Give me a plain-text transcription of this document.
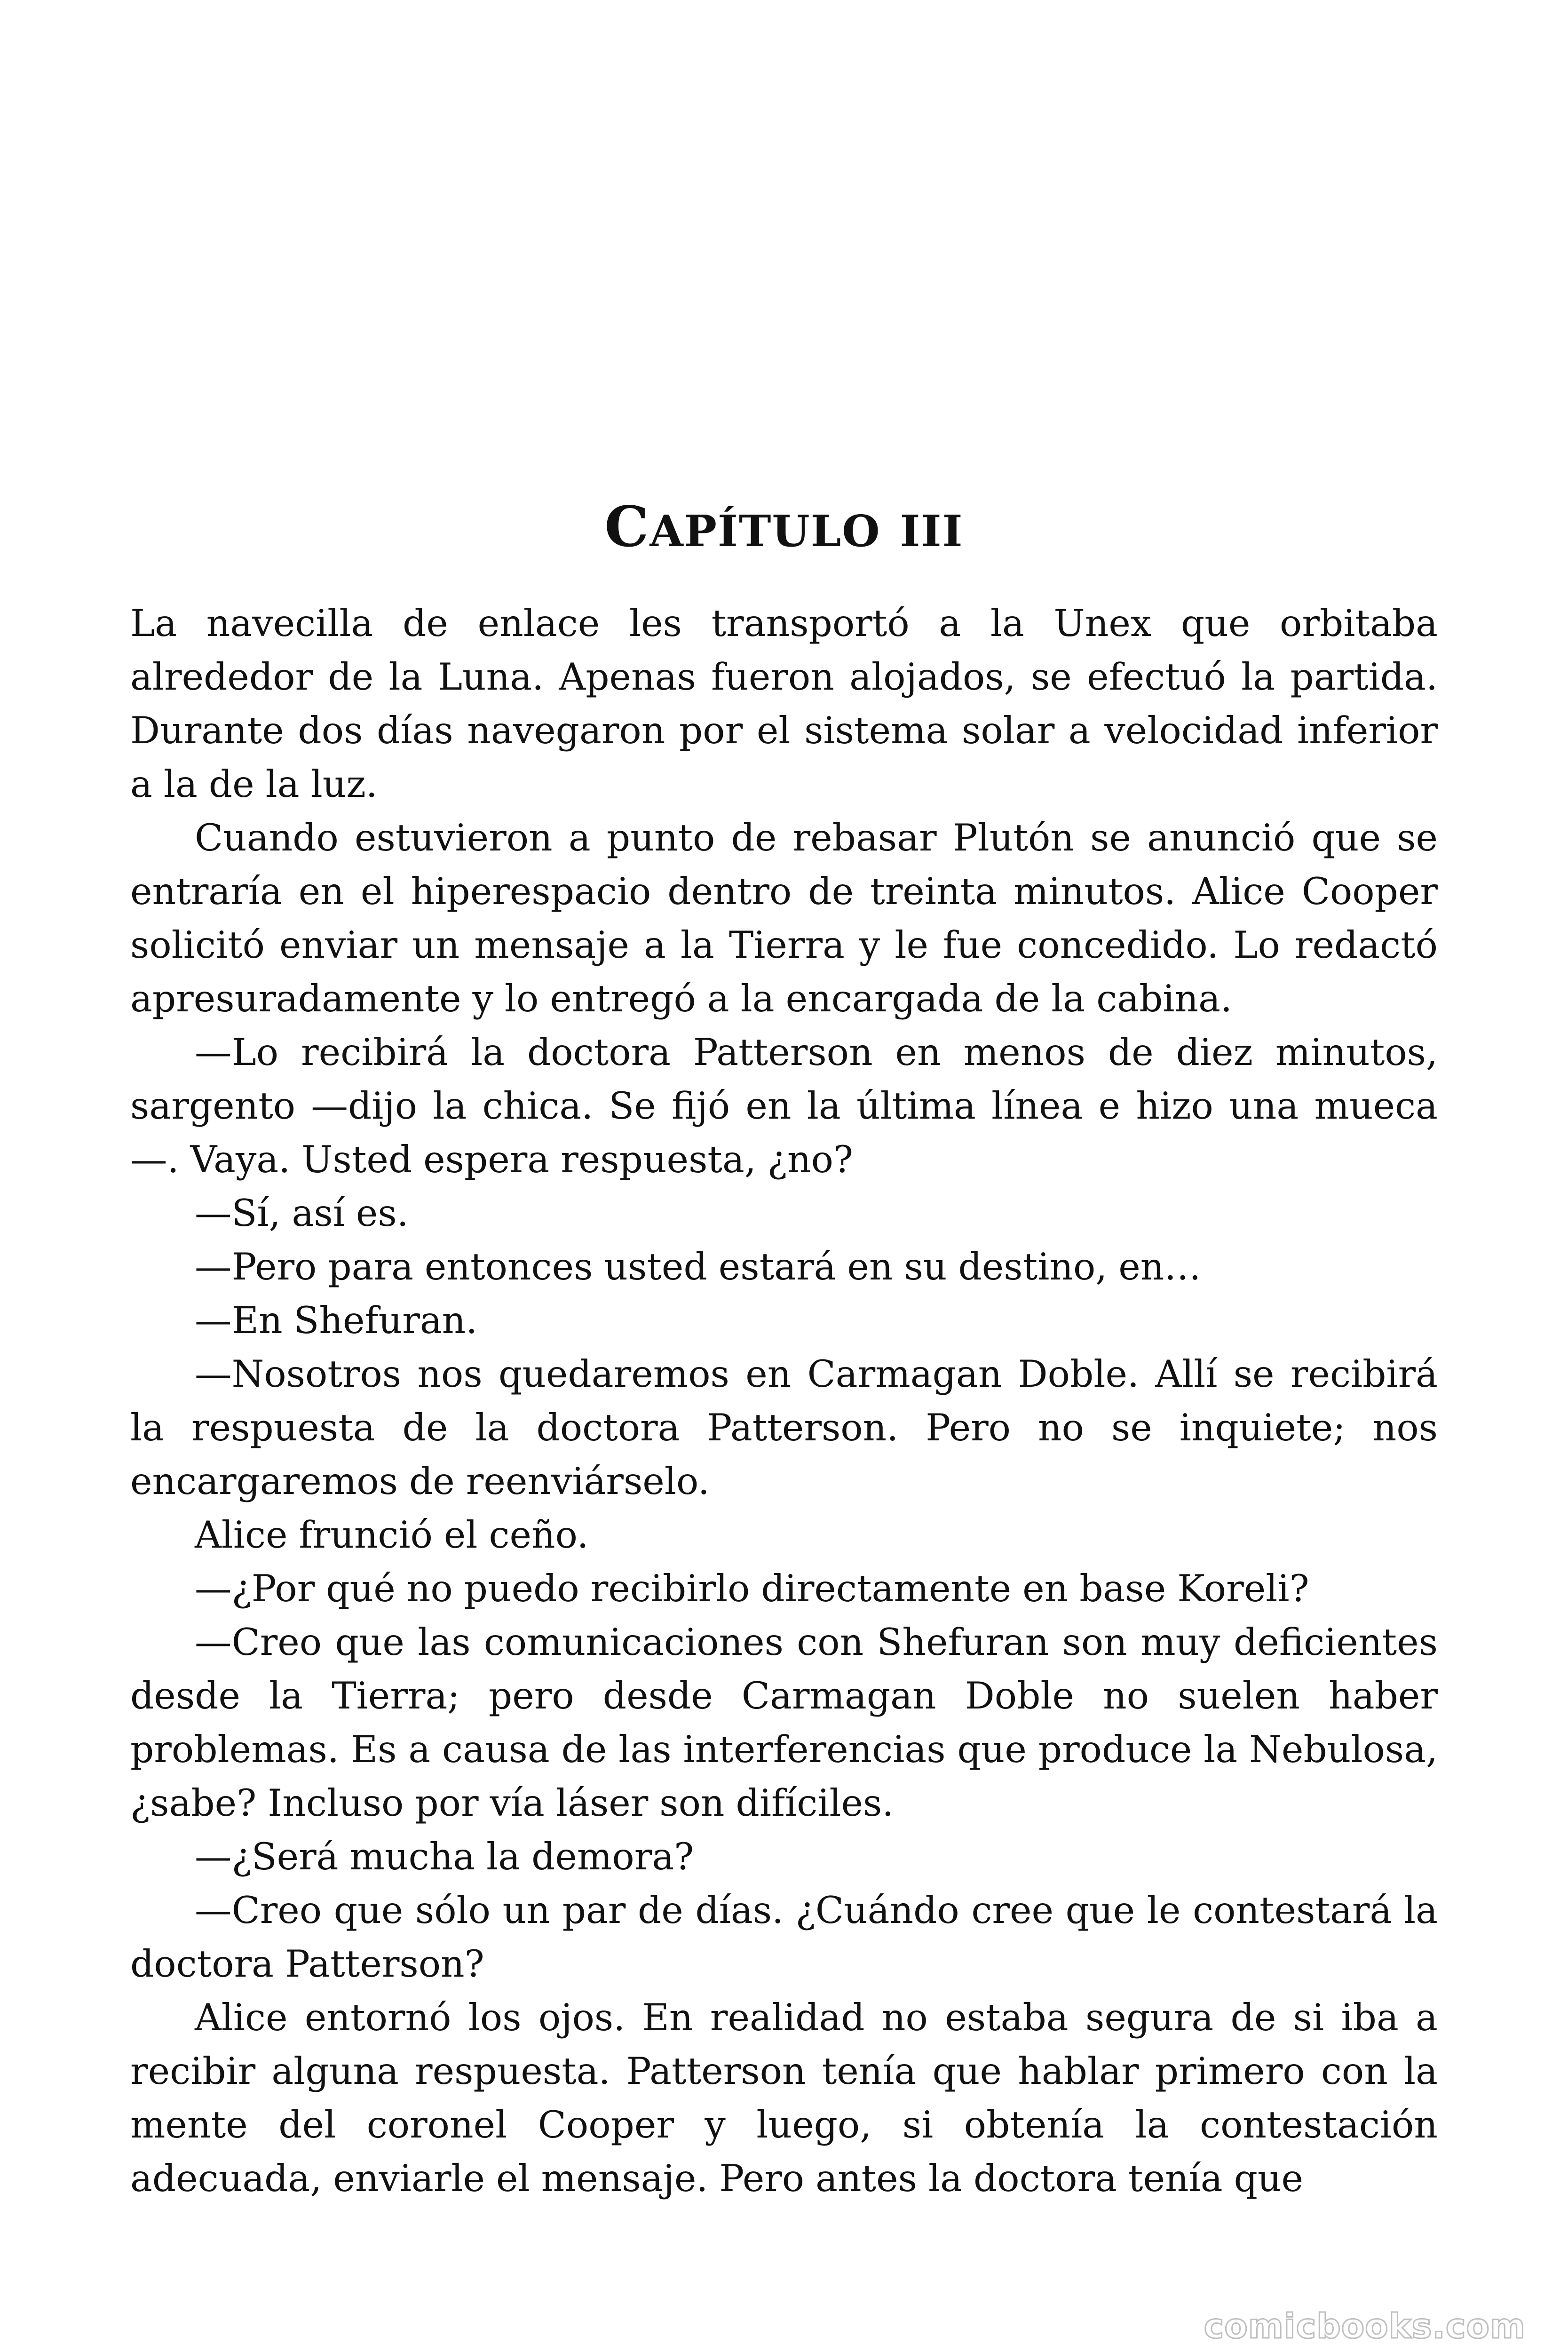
CAPÍTULO III

La navecilla de enlace les transportó a la Unex que orbitaba alrededor de la Luna. Apenas fueron alojados, se efectuó la partida. Durante dos días navegaron por el sistema solar a velocidad inferior a la de la luz.

Cuando estuvieron a punto de rebasar Plutón se anunció que se entraría en el hiperespacio dentro de treinta minutos. Alice Cooper solicitó enviar un mensaje a la Tierra y le fue concedido. Lo redactó apresuradamente y lo entregó a la encargada de la cabina.

—Lo recibirá la doctora Patterson en menos de diez minutos, sargento —dijo la chica. Se fijó en la última línea e hizo una mueca —. Vaya. Usted espera respuesta, ¿no?

—Sí, así es.

—Pero para entonces usted estará en su destino, en…

—En Shefuran.

—Nosotros nos quedaremos en Carmagan Doble. Allí se recibirá la respuesta de la doctora Patterson. Pero no se inquiete; nos encargaremos de reenviárselo.

Alice frunció el ceño.

—¿Por qué no puedo recibirlo directamente en base Koreli?

—Creo que las comunicaciones con Shefuran son muy deficientes desde la Tierra; pero desde Carmagan Doble no suelen haber problemas. Es a causa de las interferencias que produce la Nebulosa, ¿sabe? Incluso por vía láser son difíciles.

—¿Será mucha la demora?

—Creo que sólo un par de días. ¿Cuándo cree que le contestará la doctora Patterson?

Alice entornó los ojos. En realidad no estaba segura de si iba a recibir alguna respuesta. Patterson tenía que hablar primero con la mente del coronel Cooper y luego, si obtenía la contestación adecuada, enviarle el mensaje. Pero antes la doctora tenía que

comicbooks.com
